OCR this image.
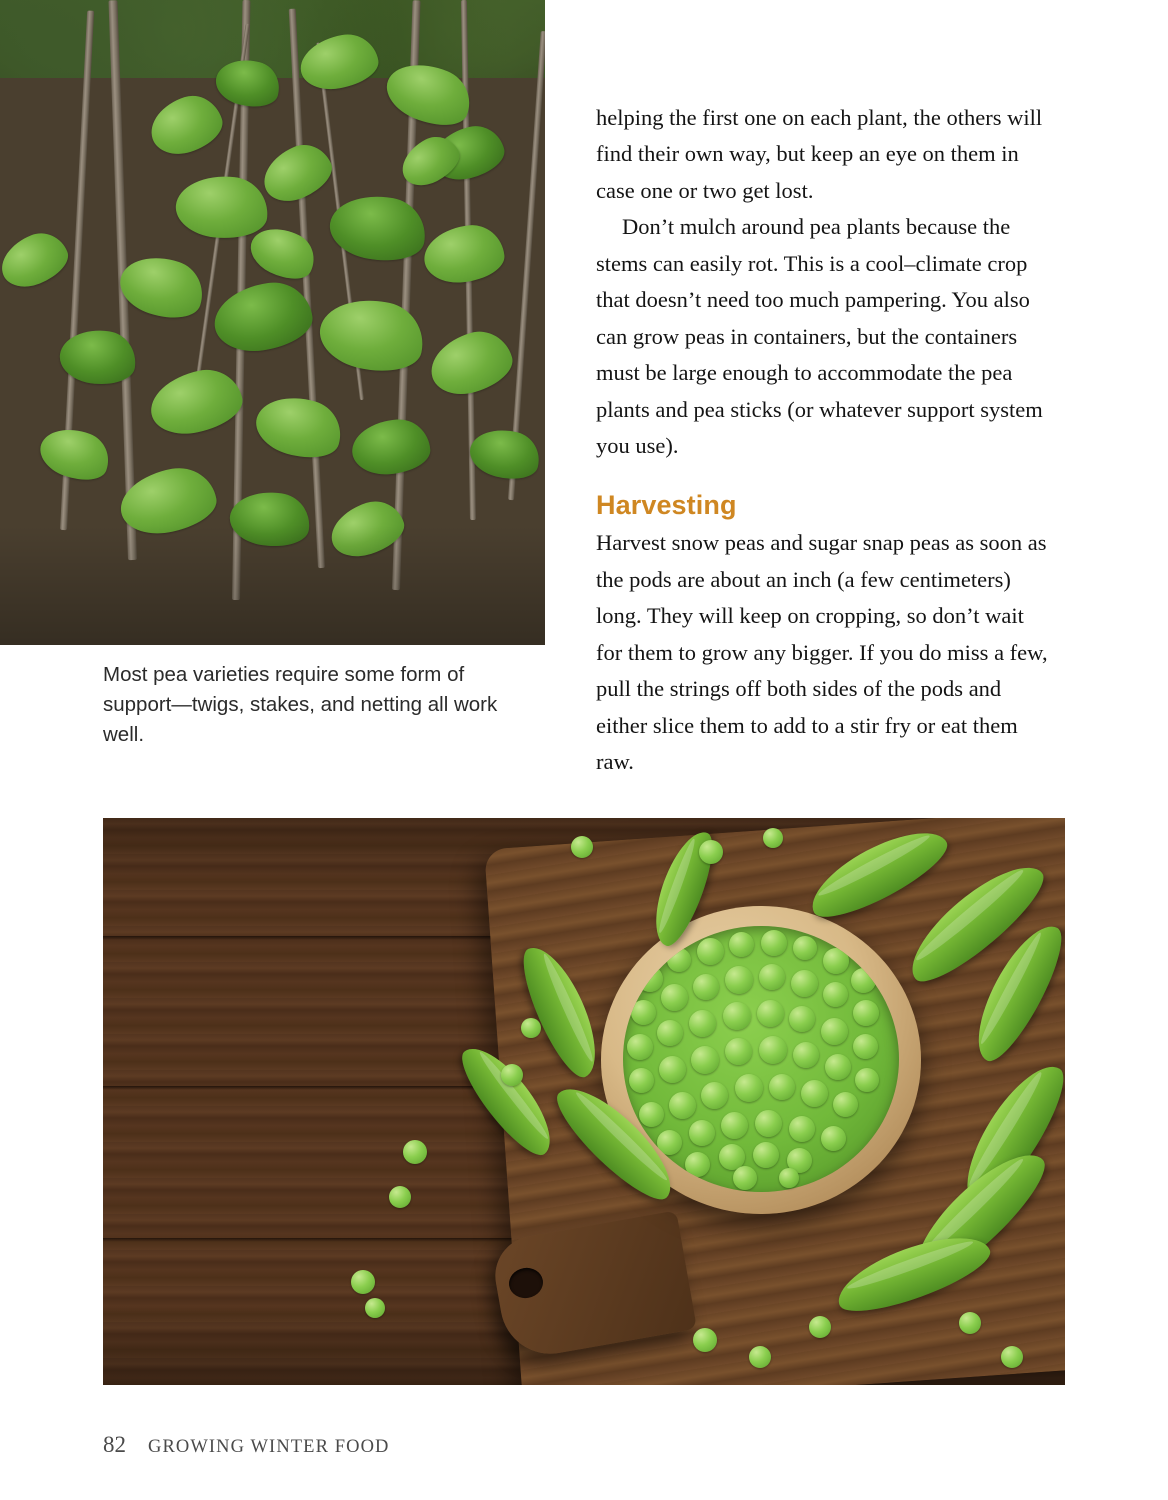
Most pea varieties require some form of support—twigs, stakes, and netting all work well.

helping the first one on each plant, the others will find their own way, but keep an eye on them in case one or two get lost.

Don’t mulch around pea plants because the stems can easily rot. This is a cool–climate crop that doesn’t need too much pampering. You also can grow peas in containers, but the containers must be large enough to accommodate the pea plants and pea sticks (or whatever support system you use).

Harvesting

Harvest snow peas and sugar snap peas as soon as the pods are about an inch (a few centimeters) long. They will keep on cropping, so don’t wait for them to grow any bigger. If you do miss a few, pull the strings off both sides of the pods and either slice them to add to a stir fry or eat them raw.

82 GROWING WINTER FOOD
